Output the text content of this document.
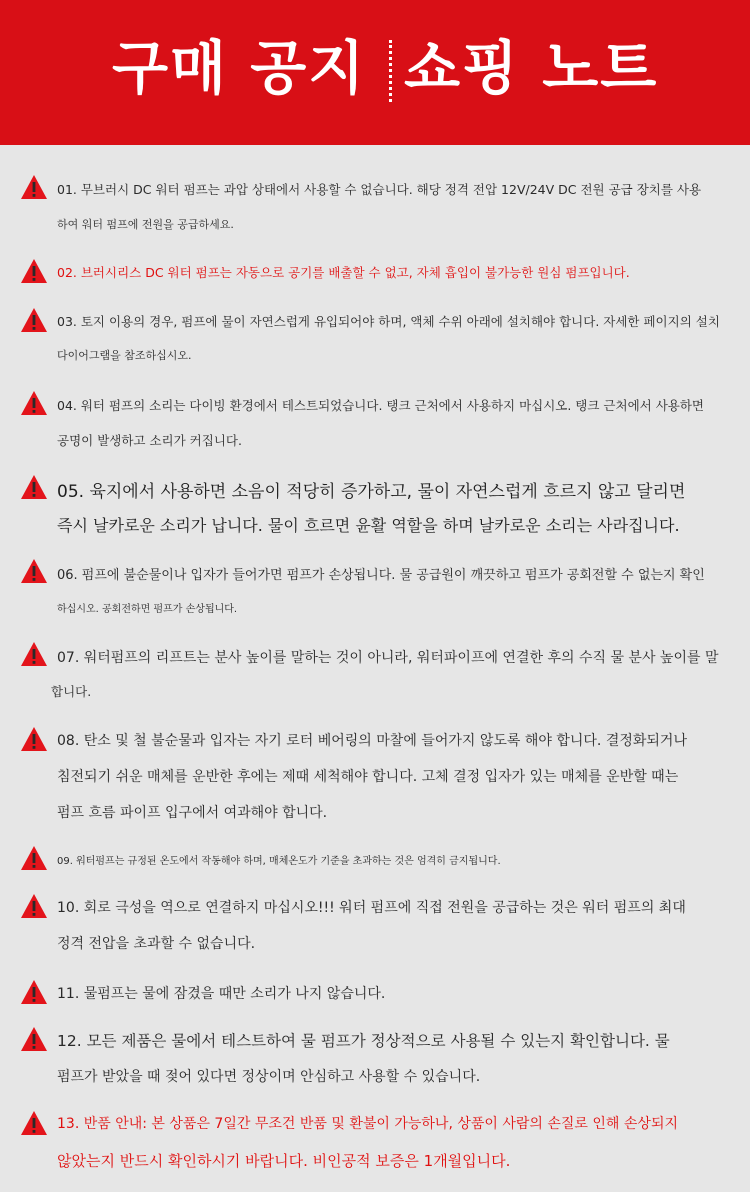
구매 공지 쇼핑 노트
01. 무브러시 DC 워터 펌프는 과압 상태에서 사용할 수 없습니다. 해당 정격 전압 12V/24V DC 전원 공급 장치를 사용
하여 워터 펌프에 전원을 공급하세요.
02. 브러시리스 DC 워터 펌프는 자동으로 공기를 배출할 수 없고, 자체 흡입이 불가능한 원심 펌프입니다.
03. 토지 이용의 경우, 펌프에 물이 자연스럽게 유입되어야 하며, 액체 수위 아래에 설치해야 합니다. 자세한 페이지의 설치
다이어그램을 참조하십시오.
04. 워터 펌프의 소리는 다이빙 환경에서 테스트되었습니다. 탱크 근처에서 사용하지 마십시오. 탱크 근처에서 사용하면
공명이 발생하고 소리가 커집니다.
05. 육지에서 사용하면 소음이 적당히 증가하고, 물이 자연스럽게 흐르지 않고 달리면
즉시 날카로운 소리가 납니다. 물이 흐르면 윤활 역할을 하며 날카로운 소리는 사라집니다.
06. 펌프에 불순물이나 입자가 들어가면 펌프가 손상됩니다. 물 공급원이 깨끗하고 펌프가 공회전할 수 없는지 확인
하십시오. 공회전하면 펌프가 손상됩니다.
07. 워터펌프의 리프트는 분사 높이를 말하는 것이 아니라, 워터파이프에 연결한 후의 수직 물 분사 높이를 말
합니다.
08. 탄소 및 철 불순물과 입자는 자기 로터 베어링의 마찰에 들어가지 않도록 해야 합니다. 결정화되거나
침전되기 쉬운 매체를 운반한 후에는 제때 세척해야 합니다. 고체 결정 입자가 있는 매체를 운반할 때는
펌프 흐름 파이프 입구에서 여과해야 합니다.
09. 워터펌프는 규정된 온도에서 작동해야 하며, 매체온도가 기준을 초과하는 것은 엄격히 금지됩니다.
10. 회로 극성을 역으로 연결하지 마십시오!!! 워터 펌프에 직접 전원을 공급하는 것은 워터 펌프의 최대
정격 전압을 초과할 수 없습니다.
11. 물펌프는 물에 잠겼을 때만 소리가 나지 않습니다.
12. 모든 제품은 물에서 테스트하여 물 펌프가 정상적으로 사용될 수 있는지 확인합니다. 물
펌프가 받았을 때 젖어 있다면 정상이며 안심하고 사용할 수 있습니다.
13. 반품 안내: 본 상품은 7일간 무조건 반품 및 환불이 가능하나, 상품이 사람의 손질로 인해 손상되지
않았는지 반드시 확인하시기 바랍니다. 비인공적 보증은 1개월입니다.
